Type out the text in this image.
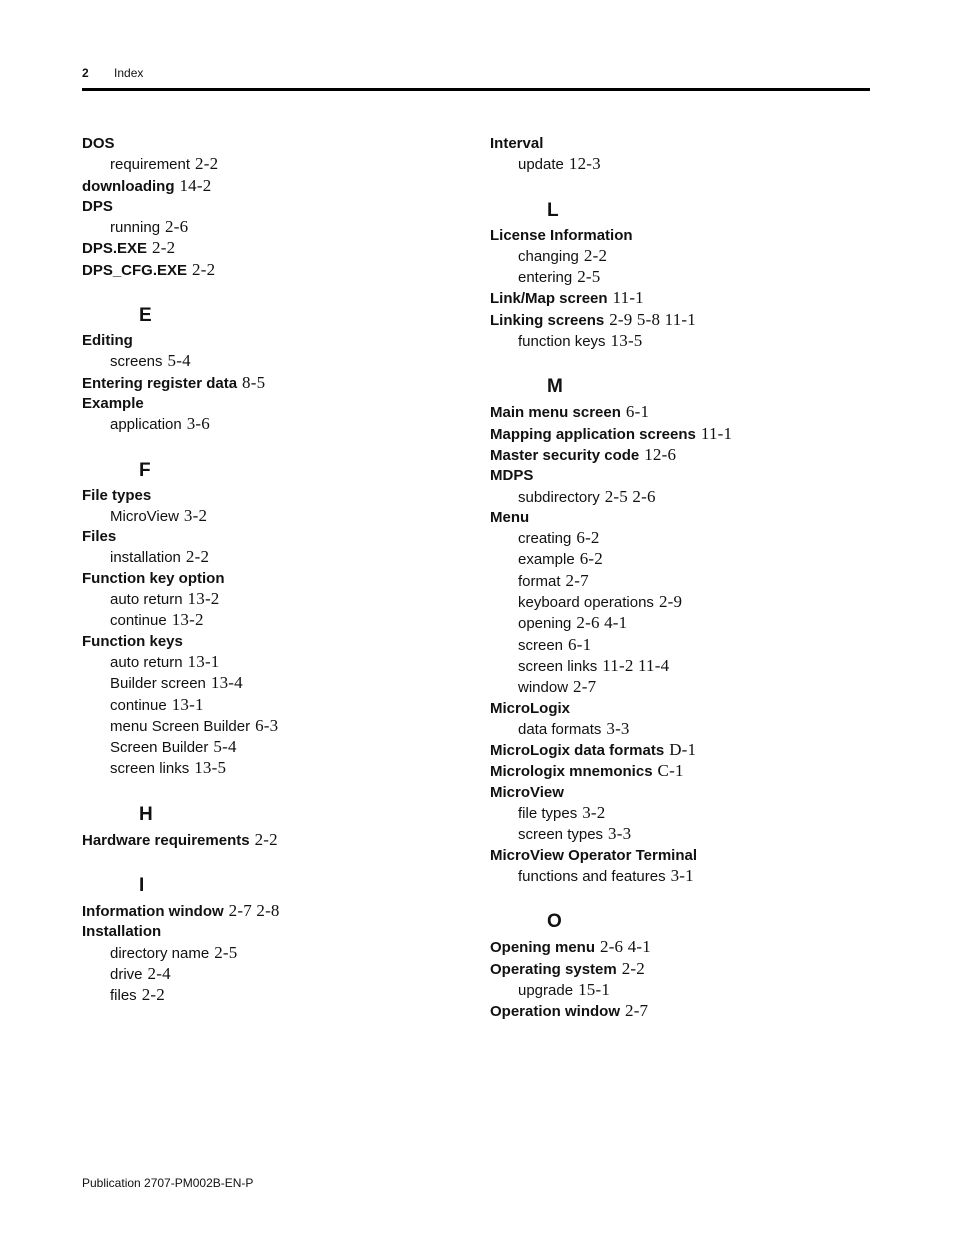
2 Index
DOS
requirement 2-2
downloading 14-2
DPS
running 2-6
DPS.EXE 2-2
DPS_CFG.EXE 2-2
E
Editing
screens 5-4
Entering register data 8-5
Example
application 3-6
F
File types
MicroView 3-2
Files
installation 2-2
Function key option
auto return 13-2
continue 13-2
Function keys
auto return 13-1
Builder screen 13-4
continue 13-1
menu Screen Builder 6-3
Screen Builder 5-4
screen links 13-5
H
Hardware requirements 2-2
I
Information window 2-7 2-8
Installation
directory name 2-5
drive 2-4
files 2-2
Interval
update 12-3
L
License Information
changing 2-2
entering 2-5
Link/Map screen 11-1
Linking screens 2-9 5-8 11-1
function keys 13-5
M
Main menu screen 6-1
Mapping application screens 11-1
Master security code 12-6
MDPS
subdirectory 2-5 2-6
Menu
creating 6-2
example 6-2
format 2-7
keyboard operations 2-9
opening 2-6 4-1
screen 6-1
screen links 11-2 11-4
window 2-7
MicroLogix
data formats 3-3
MicroLogix data formats D-1
Micrologix mnemonics C-1
MicroView
file types 3-2
screen types 3-3
MicroView Operator Terminal
functions and features 3-1
O
Opening menu 2-6 4-1
Operating system 2-2
upgrade 15-1
Operation window 2-7
Publication 2707-PM002B-EN-P
